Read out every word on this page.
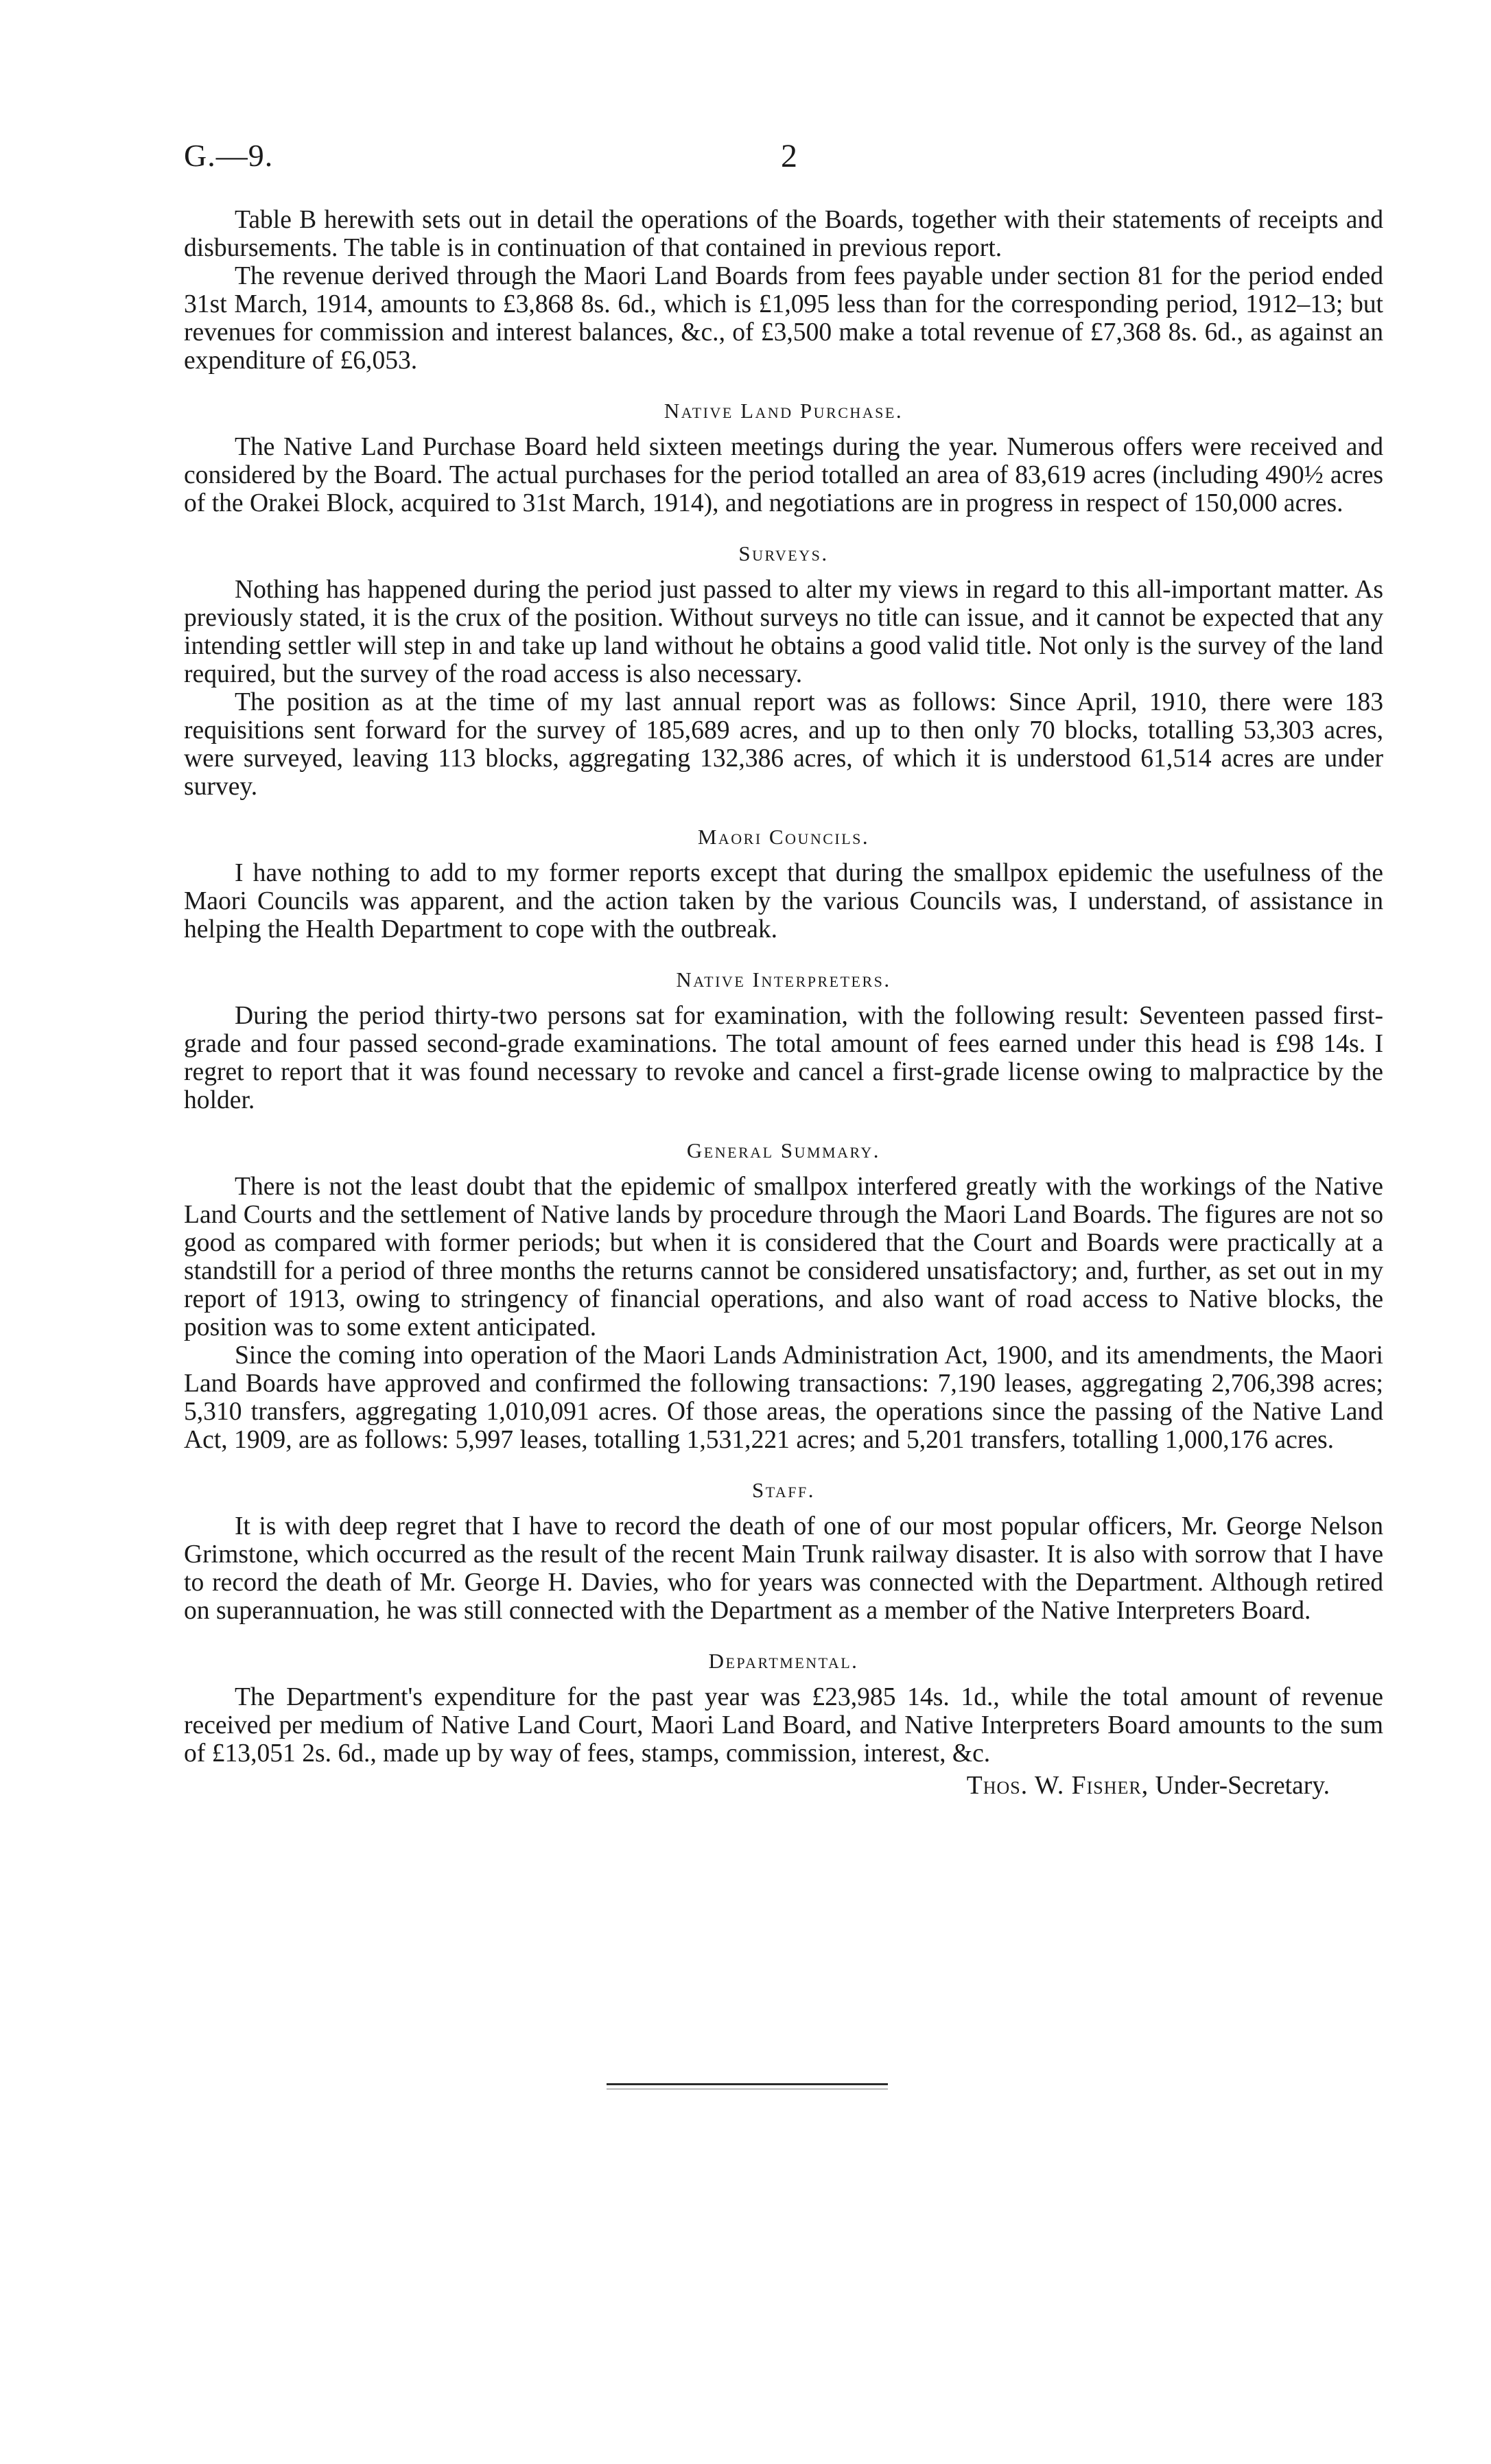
G.—9.	2

Table B herewith sets out in detail the operations of the Boards, together with their statements of receipts and disbursements. The table is in continuation of that contained in previous report.

The revenue derived through the Maori Land Boards from fees payable under section 81 for the period ended 31st March, 1914, amounts to £3,868 8s. 6d., which is £1,095 less than for the corresponding period, 1912–13; but revenues for commission and interest balances, &c., of £3,500 make a total revenue of £7,368 8s. 6d., as against an expenditure of £6,053.

Native Land Purchase.

The Native Land Purchase Board held sixteen meetings during the year. Numerous offers were received and considered by the Board. The actual purchases for the period totalled an area of 83,619 acres (including 490½ acres of the Orakei Block, acquired to 31st March, 1914), and negotiations are in progress in respect of 150,000 acres.

Surveys.

Nothing has happened during the period just passed to alter my views in regard to this all-important matter. As previously stated, it is the crux of the position. Without surveys no title can issue, and it cannot be expected that any intending settler will step in and take up land without he obtains a good valid title. Not only is the survey of the land required, but the survey of the road access is also necessary.

The position as at the time of my last annual report was as follows: Since April, 1910, there were 183 requisitions sent forward for the survey of 185,689 acres, and up to then only 70 blocks, totalling 53,303 acres, were surveyed, leaving 113 blocks, aggregating 132,386 acres, of which it is understood 61,514 acres are under survey.

Maori Councils.

I have nothing to add to my former reports except that during the smallpox epidemic the usefulness of the Maori Councils was apparent, and the action taken by the various Councils was, I understand, of assistance in helping the Health Department to cope with the outbreak.

Native Interpreters.

During the period thirty-two persons sat for examination, with the following result: Seventeen passed first-grade and four passed second-grade examinations. The total amount of fees earned under this head is £98 14s. I regret to report that it was found necessary to revoke and cancel a first-grade license owing to malpractice by the holder.

General Summary.

There is not the least doubt that the epidemic of smallpox interfered greatly with the workings of the Native Land Courts and the settlement of Native lands by procedure through the Maori Land Boards. The figures are not so good as compared with former periods; but when it is considered that the Court and Boards were practically at a standstill for a period of three months the returns cannot be considered unsatisfactory; and, further, as set out in my report of 1913, owing to stringency of financial operations, and also want of road access to Native blocks, the position was to some extent anticipated.

Since the coming into operation of the Maori Lands Administration Act, 1900, and its amendments, the Maori Land Boards have approved and confirmed the following transactions: 7,190 leases, aggregating 2,706,398 acres; 5,310 transfers, aggregating 1,010,091 acres. Of those areas, the operations since the passing of the Native Land Act, 1909, are as follows: 5,997 leases, totalling 1,531,221 acres; and 5,201 transfers, totalling 1,000,176 acres.

Staff.

It is with deep regret that I have to record the death of one of our most popular officers, Mr. George Nelson Grimstone, which occurred as the result of the recent Main Trunk railway disaster. It is also with sorrow that I have to record the death of Mr. George H. Davies, who for years was connected with the Department. Although retired on superannuation, he was still connected with the Department as a member of the Native Interpreters Board.

Departmental.

The Department's expenditure for the past year was £23,985 14s. 1d., while the total amount of revenue received per medium of Native Land Court, Maori Land Board, and Native Interpreters Board amounts to the sum of £13,051 2s. 6d., made up by way of fees, stamps, commission, interest, &c.

Thos. W. Fisher, Under-Secretary.
